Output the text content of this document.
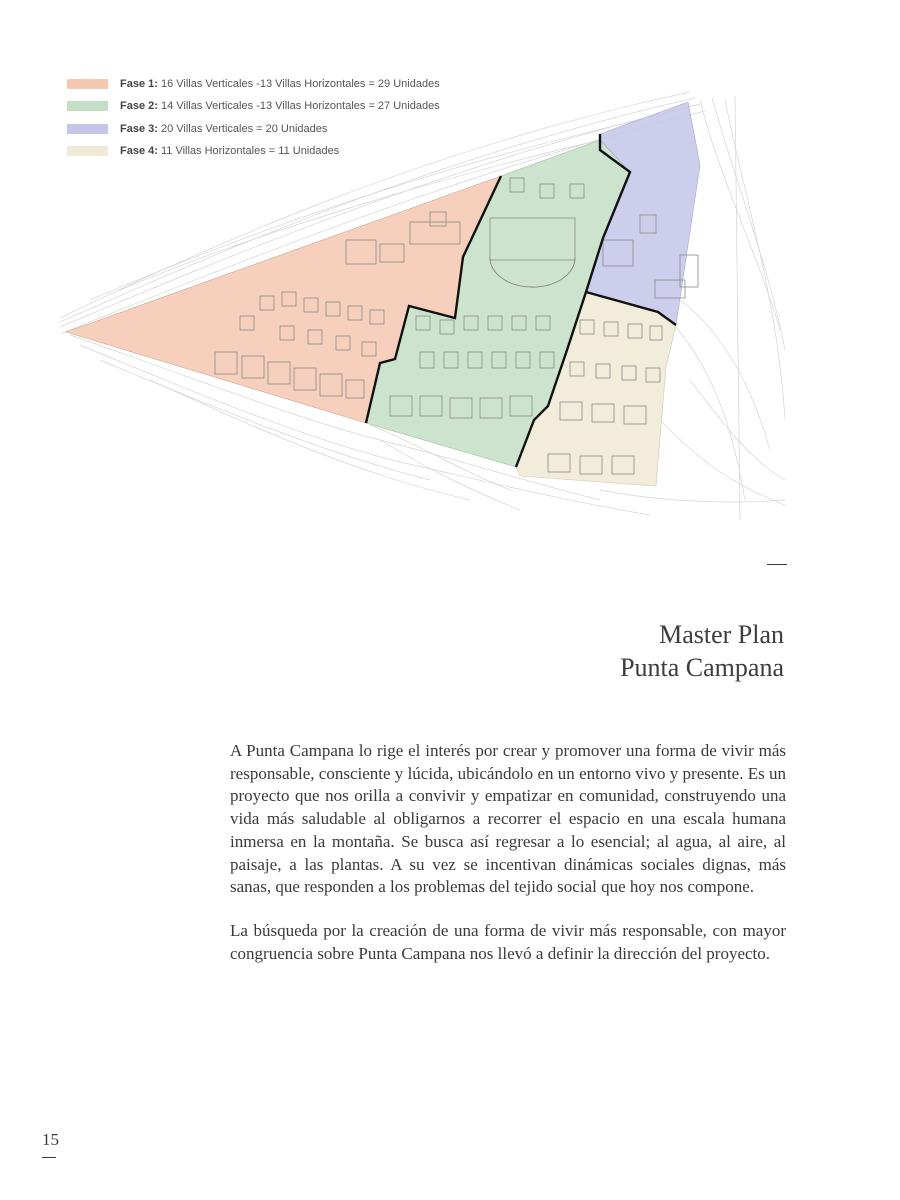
Fase 1: 16 Villas Verticales -13 Villas Horizontales = 29 Unidades
Fase 2: 14 Villas Verticales -13 Villas Horizontales = 27 Unidades
Fase 3: 20 Villas Verticales = 20 Unidades
Fase 4: 11 Villas Horizontales = 11 Unidades
Master Plan
Punta Campana

A Punta Campana lo rige el interés por crear y promover una forma de vivir más responsable, consciente y lúcida, ubicándolo en un entorno vivo y presente. Es un proyecto que nos orilla a convivir y empatizar en comunidad, construyendo una vida más saludable al obligarnos a recorrer el espacio en una escala humana inmersa en la montaña. Se busca así regresar a lo esencial; al agua, al aire, al paisaje, a las plantas. A su vez se incentivan dinámicas sociales dignas, más sanas, que responden a los problemas del tejido social que hoy nos compone.

La búsqueda por la creación de una forma de vivir más responsable, con mayor congruencia sobre Punta Campana nos llevó a definir la dirección del proyecto.

15
